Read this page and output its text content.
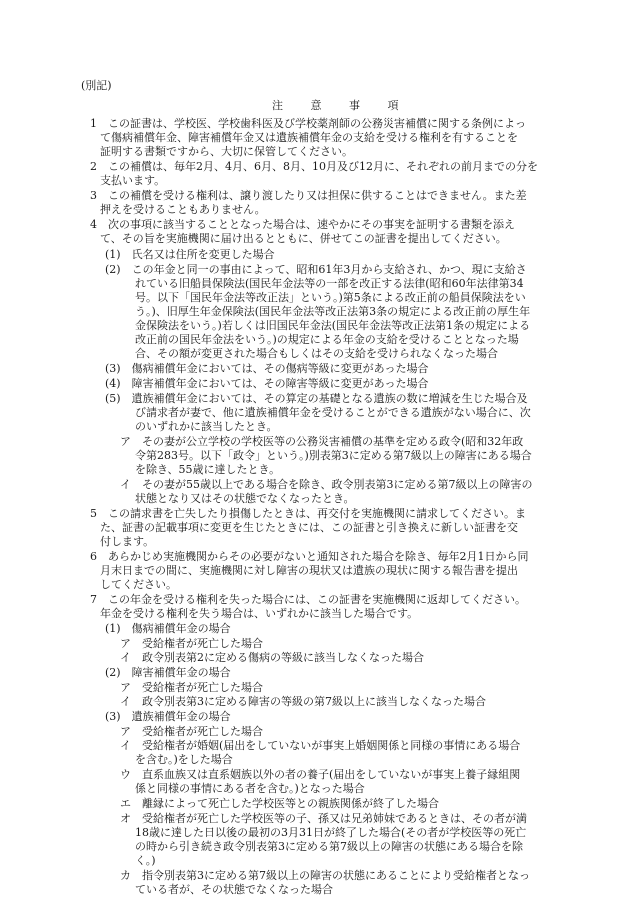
(別記)
注 意 事 項
1　この証書は、学校医、学校歯科医及び学校薬剤師の公務災害補償に関する条例によっ
て傷病補償年金、障害補償年金又は遺族補償年金の支給を受ける権利を有することを
証明する書類ですから、大切に保管してください。
2　この補償は、毎年2月、4月、6月、8月、10月及び12月に、それぞれの前月までの分を
支払います。
3　この補償を受ける権利は、譲り渡したり又は担保に供することはできません。また差
押えを受けることもありません。
4　次の事項に該当することとなった場合は、速やかにその事実を証明する書類を添え
て、その旨を実施機関に届け出るとともに、併せてこの証書を提出してください。
(1)　氏名又は住所を変更した場合
(2)　この年金と同一の事由によって、昭和61年3月から支給され、かつ、現に支給さ
れている旧船員保険法(国民年金法等の一部を改正する法律(昭和60年法律第34
号。以下「国民年金法等改正法」という。)第5条による改正前の船員保険法をい
う。)、旧厚生年金保険法(国民年金法等改正法第3条の規定による改正前の厚生年
金保険法をいう。)若しくは旧国民年金法(国民年金法等改正法第1条の規定による
改正前の国民年金法をいう。)の規定による年金の支給を受けることとなった場
合、その額が変更された場合もしくはその支給を受けられなくなった場合
(3)　傷病補償年金においては、その傷病等級に変更があった場合
(4)　障害補償年金においては、その障害等級に変更があった場合
(5)　遺族補償年金においては、その算定の基礎となる遺族の数に増減を生じた場合及
び請求者が妻で、他に遺族補償年金を受けることができる遺族がない場合に、次
のいずれかに該当したとき。
ア　その妻が公立学校の学校医等の公務災害補償の基準を定める政令(昭和32年政
令第283号。以下「政令」という。)別表第3に定める第7級以上の障害にある場合
を除き、55歳に達したとき。
イ　その妻が55歳以上である場合を除き、政令別表第3に定める第7級以上の障害の
状態となり又はその状態でなくなったとき。
5　この請求書を亡失したり損傷したときは、再交付を実施機関に請求してください。ま
た、証書の記載事項に変更を生じたときには、この証書と引き換えに新しい証書を交
付します。
6　あらかじめ実施機関からその必要がないと通知された場合を除き、毎年2月1日から同
月末日までの間に、実施機関に対し障害の現状又は遺族の現状に関する報告書を提出
してください。
7　この年金を受ける権利を失った場合には、この証書を実施機関に返却してください。
年金を受ける権利を失う場合は、いずれかに該当した場合です。
(1)　傷病補償年金の場合
ア　受給権者が死亡した場合
イ　政令別表第2に定める傷病の等級に該当しなくなった場合
(2)　障害補償年金の場合
ア　受給権者が死亡した場合
イ　政令別表第3に定める障害の等級の第7級以上に該当しなくなった場合
(3)　遺族補償年金の場合
ア　受給権者が死亡した場合
イ　受給権者が婚姻(届出をしていないが事実上婚姻関係と同様の事情にある場合
を含む。)をした場合
ウ　直系血族又は直系姻族以外の者の養子(届出をしていないが事実上養子縁組関
係と同様の事情にある者を含む。)となった場合
エ　離縁によって死亡した学校医等との親族関係が終了した場合
オ　受給権者が死亡した学校医等の子、孫又は兄弟姉妹であるときは、その者が満
18歳に達した日以後の最初の3月31日が終了した場合(その者が学校医等の死亡
の時から引き続き政令別表第3に定める第7級以上の障害の状態にある場合を除
く。)
カ　指令別表第3に定める第7級以上の障害の状態にあることにより受給権者となっ
ている者が、その状態でなくなった場合
